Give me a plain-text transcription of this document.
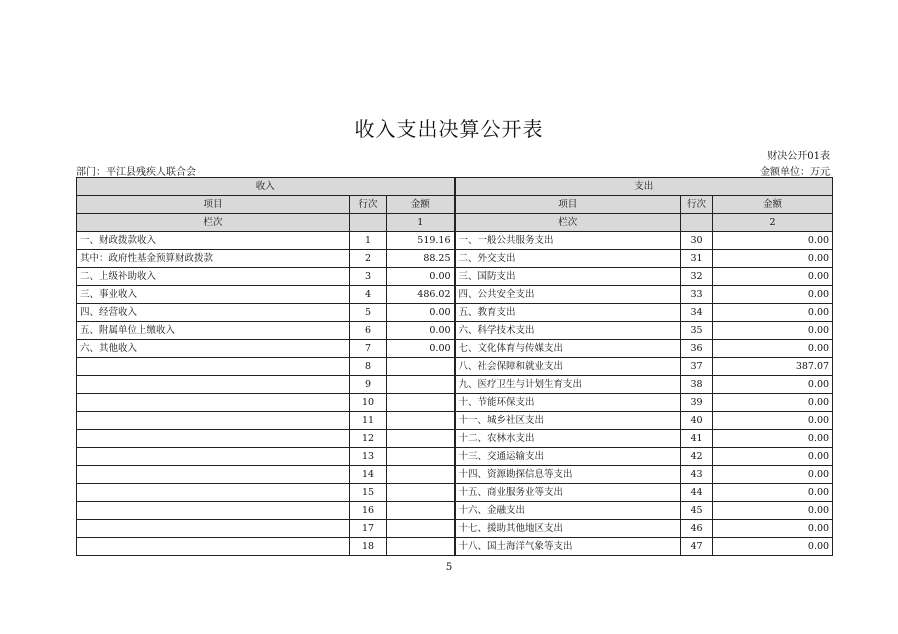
收入支出决算公开表
财决公开01表
部门：平江县残疾人联合会	金额单位：万元
收入			支出		
项目	行次	金额	项目	行次	金额
栏次		1	栏次		2
一、财政拨款收入	1	519.16	一、一般公共服务支出	30	0.00
其中：政府性基金预算财政拨款	2	88.25	二、外交支出	31	0.00
二、上级补助收入	3	0.00	三、国防支出	32	0.00
三、事业收入	4	486.02	四、公共安全支出	33	0.00
四、经营收入	5	0.00	五、教育支出	34	0.00
五、附属单位上缴收入	6	0.00	六、科学技术支出	35	0.00
六、其他收入	7	0.00	七、文化体育与传媒支出	36	0.00
	8		八、社会保障和就业支出	37	387.07
	9		九、医疗卫生与计划生育支出	38	0.00
	10		十、节能环保支出	39	0.00
	11		十一、城乡社区支出	40	0.00
	12		十二、农林水支出	41	0.00
	13		十三、交通运输支出	42	0.00
	14		十四、资源勘探信息等支出	43	0.00
	15		十五、商业服务业等支出	44	0.00
	16		十六、金融支出	45	0.00
	17		十七、援助其他地区支出	46	0.00
	18		十八、国土海洋气象等支出	47	0.00
5
